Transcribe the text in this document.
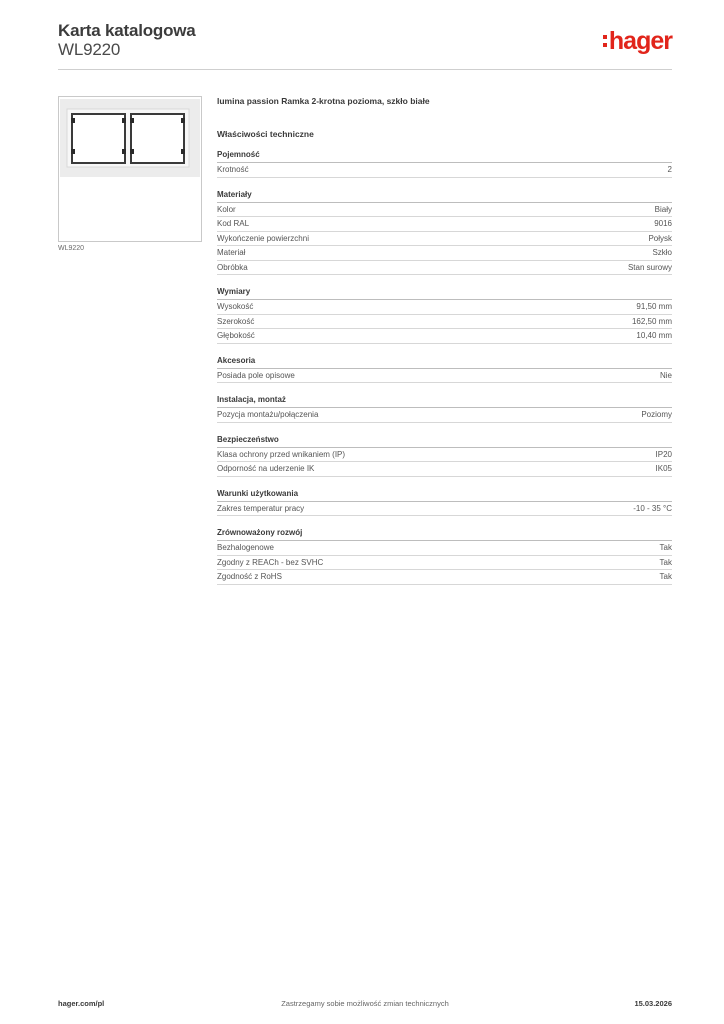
Karta katalogowa
WL9220	hager
WL9220
lumina passion Ramka 2-krotna pozioma, szkło białe
Właściwości techniczne
Pojemność
Krotność	2
Materiały
Kolor	Biały
Kod RAL	9016
Wykończenie powierzchni	Połysk
Materiał	Szkło
Obróbka	Stan surowy
Wymiary
Wysokość	91,50 mm
Szerokość	162,50 mm
Głębokość	10,40 mm
Akcesoria
Posiada pole opisowe	Nie
Instalacja, montaż
Pozycja montażu/połączenia	Poziomy
Bezpieczeństwo
Klasa ochrony przed wnikaniem (IP)	IP20
Odporność na uderzenie IK	IK05
Warunki użytkowania
Zakres temperatur pracy	-10 - 35 °C
Zrównoważony rozwój
Bezhalogenowe	Tak
Zgodny z REACh - bez SVHC	Tak
Zgodność z RoHS	Tak
Zastrzegamy sobie możliwość zmian technicznych
hager.com/pl	15.03.2026
